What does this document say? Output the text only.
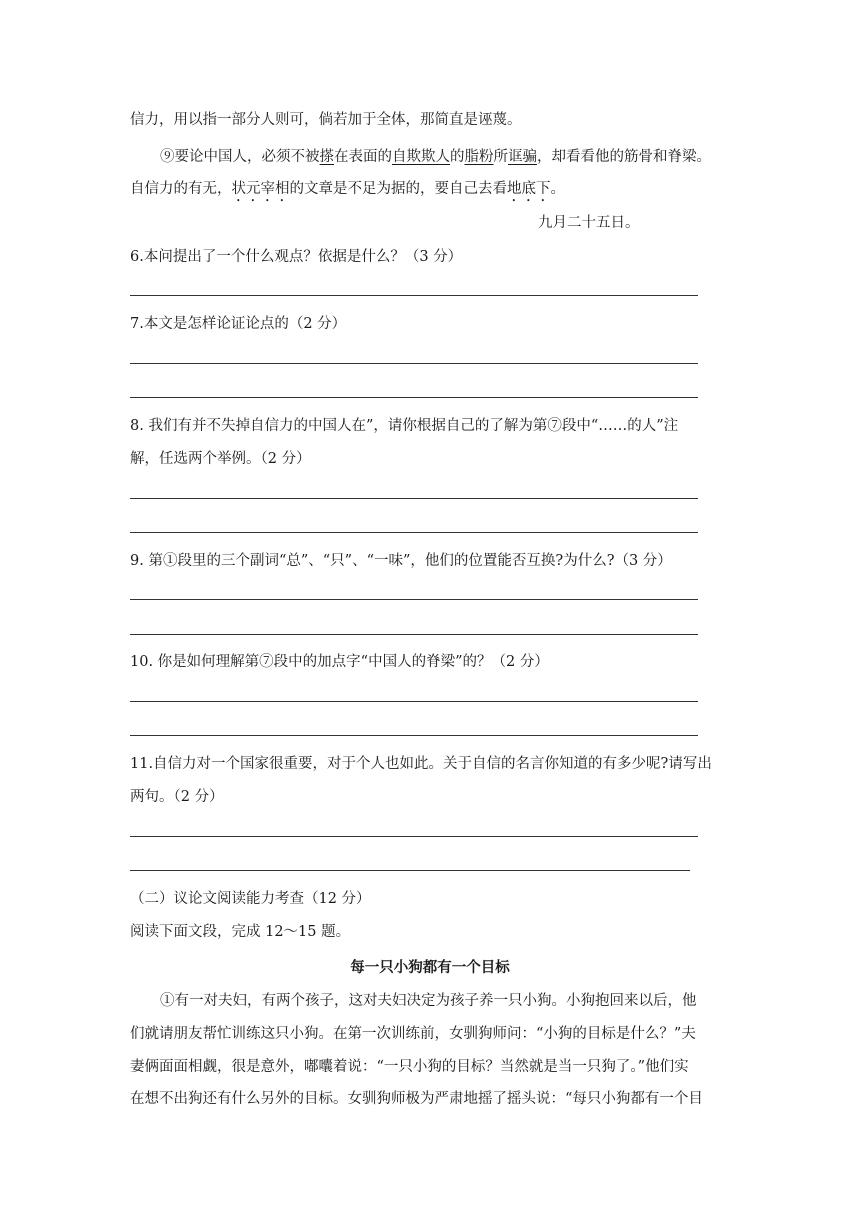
信力，用以指一部分人则可，倘若加于全体，那简直是诬蔑。
⑨要论中国人，必须不被搽在表面的自欺欺人的脂粉所诓骗，却看看他的筋骨和脊梁。
自信力的有无，状元宰相的文章是不足为据的，要自己去看地底下。
九月二十五日。
6.本问提出了一个什么观点？依据是什么？（3 分）
7.本文是怎样论证论点的（2 分）
8. 我们有并不失掉自信力的中国人在”，请你根据自己的了解为第⑦段中“……的人”注
解，任选两个举例。（2 分）
9. 第①段里的三个副词“总”、“只”、“一味”，他们的位置能否互换?为什么?（3 分）
10. 你是如何理解第⑦段中的加点字“中国人的脊梁”的？（2 分）
11.自信力对一个国家很重要，对于个人也如此。关于自信的名言你知道的有多少呢?请写出
两句。（2 分）
（二）议论文阅读能力考查（12 分）
阅读下面文段，完成 12～15 题。
每一只小狗都有一个目标
①有一对夫妇，有两个孩子，这对夫妇决定为孩子养一只小狗。小狗抱回来以后，他
们就请朋友帮忙训练这只小狗。在第一次训练前，女驯狗师问：“小狗的目标是什么？”夫
妻俩面面相觑，很是意外，嘟囔着说：“一只小狗的目标？当然就是当一只狗了。”他们实
在想不出狗还有什么另外的目标。女驯狗师极为严肃地摇了摇头说：“每只小狗都有一个目
